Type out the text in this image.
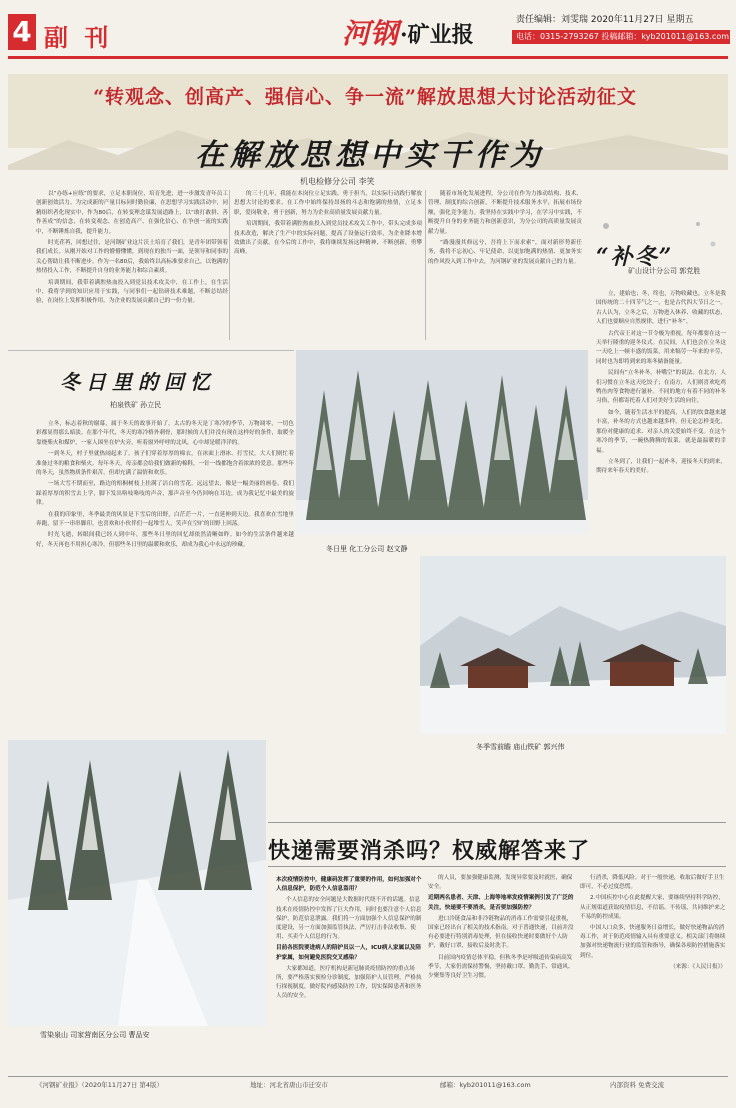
4 副 刊	河钢 ·矿业报
责任编辑：刘雯瑞 2020年11月27日 星期五
电话：0315-2793267 投稿邮箱：kyb201011@163.com
“转观念、创高产、强信心、争一流”解放思想大讨论活动征文
在解放思想中实干作为
机电检修分公司 李笑

以“办练+应练”的要求，立足本职岗位，培育先进，进一步激发青年员工创新创效活力。为完成新的产量目标同时勤俭廉，在思想学习实践活动中，同精组织者化现实中，作为80后，在转变理念谋发展道路上，以“敢打敢拼、善作善成”的信念，在转变观念、在创造高产、在强化信心、在争创一流的实践中，不断锤炼自我，提升能力。

时光荏苒，回想过往，是河钢矿业这片沃土培育了我们，是青年团带领着我们成长。从刚开始对工作的懵懵懂懂，到现在的独当一面，是领导和同事的关心帮助让我不断进步。作为一名80后，我始终以高标准要求自己，以饱满的热情投入工作，不断提升自身的业务能力和综合素质。

培训期间，我带着满腔热血投入到党员技术攻关中，在工作上，在生活中，我将学到的知识应用于实践，与同事们一起钻研技术难题，不断总结经验，在岗位上发挥积极作用，为企业的发展贡献自己的一份力量。

的三十几年，我能在本岗位立足实践、勇于担当，以实际行动践行解放思想大讨论的要求，在工作中始终保持昂扬的斗志和饱满的热情，立足本职，爱岗敬业，勇于创新，努力为企业高质量发展贡献力量。

培训期间，我带着满腔热血投入到党员技术攻关工作中，带头完成多项技术改造，解决了生产中的实际问题，提高了设备运行效率，为企业降本增效做出了贡献。在今后的工作中，我将继续发扬这种精神，不断创新，勇攀高峰。

随着市场化发展进程，分公司在作为力推动结构、技术、管理、制度的综合创新，不断提升技术服务水平，拓展市场份额，强化竞争能力。我坚持在实践中学习，在学习中实践，不断提升自身的业务能力和创新意识，为分公司的高质量发展贡献力量。

“路漫漫其修远兮，吾将上下而求索”，面对新形势新任务，我将不忘初心、牢记使命，以更加饱满的热情、更加务实的作风投入到工作中去，为河钢矿业的发展贡献自己的力量。 “补冬”
矿山设计分公司 郭党胜

立，建始也；冬，终也，万物收藏也。立冬是我国传统的二十四节气之一，也是古代四大节日之一。古人认为，立冬之后，万物进入休养、收藏的状态，人们也要顺应自然规律，进行“补冬”。

古代帝王对这一节令极为重视，每年都要在这一天举行隆重的迎冬仪式。在民间，人们也会在立冬这一天吃上一顿丰盛的饭菜，用来犒劳一年来的辛劳，同时也为即将到来的寒冬储备能量。

民间有“立冬补冬，补嘴空”的说法。在北方，人们习惯在立冬这天吃饺子；在南方，人们则喜欢吃鸡鸭鱼肉等食物进行滋补。不同的地方有着不同的补冬习俗，但都寄托着人们对美好生活的向往。

如今，随着生活水平的提高，人们的饮食越来越丰富，补冬的方式也越来越多样。但无论怎样变化，那份对健康的追求、对亲人的关爱始终不变。在这个寒冷的季节，一碗热腾腾的饭菜，就是最温暖的幸福。

立冬到了，让我们一起补冬，迎接冬天的到来，期待来年春天的美好。

冬日里的回忆
柏泉铁矿 孙立民

立冬，标志着秋的谢幕，属于冬天的故事开始了。太古的冬天是丁寒冷的季节，万物凋零，一切色彩都显得那么暗淡。在那个年代，冬天的寒冷格外刺骨，那时候的人们并没有现在这样好的条件，取暖全靠烧柴火和煤炉，一家人围坐在炉火旁，听着窗外呼呼的北风，心中却是暖洋洋的。

一到冬天，村子里就热闹起来了。孩子们穿着厚厚的棉衣，在冰面上滑冰、打雪仗，大人们则忙着准备过冬的粮食和柴火。每年冬天，母亲都会给我们做新的棉鞋，一针一线都饱含着浓浓的爱意。那些年的冬天，虽然物质条件艰苦，但却充满了温情和欢乐。

一场大雪不期而至，路边的梧桐树枝上挂满了洁白的雪花，远远望去，像是一幅美丽的画卷。我们踩着厚厚的积雪去上学，脚下发出咯吱咯吱的声音，那声音至今仍回响在耳边，成为我记忆中最美的旋律。

在我的印象里，冬季最美的风景是下雪后的田野，白茫茫一片，一直延伸到天边。我喜欢在雪地里奔跑，留下一串串脚印，也喜欢和小伙伴们一起堆雪人，笑声在空旷的田野上回荡。

时光飞逝，转眼间我已经人到中年，那些冬日里的回忆却依然清晰如昨。如今的生活条件越来越好，冬天再也不用担心寒冷，但那些冬日里的温暖和欢乐，却成为我心中永远的珍藏。

冬日里 化工分公司 赵文静
冬季雪前瞻 庙山铁矿 郭兴伟
雪染泉山 司家营南区分公司 曹品安
快递需要消杀吗？权威解答来了
本次疫情防控中，健康码发挥了重要的作用，如何加强对个人信息保护，防范个人信息盗用？

个人信息的安全问题是大数据时代绕不开的话题。信息技术在疫情防控中发挥了巨大作用，同时也要注意个人信息保护，防范信息泄露。我们将一方面加强个人信息保护的制度建设，另一方面加强监管执法，严厉打击非法收集、使用、买卖个人信息的行为。

目前各医院要进病人的陪护员以一人，ICU病人家属以及陪护家属，如何避免医院交叉感染？

大家都知道，医疗机构是新冠肺炎疫情防控的重点场所，要严格落实预检分诊制度，加强陪护人员管理，严格执行探视制度，做好院内感染防控工作，切实保障患者和医务人员的安全。

的人员，要加强健康监测，发现异常要及时就医，确保安全。

近期两名患者、天津、上海等地率发疫情案例引发了广泛的关注，快递要不要消杀，是否要加强防控？

进口冷链食品和非冷链物品的消毒工作需要引起重视，国家已经出台了相关的技术指南。对于普通快递，目前并没有必要进行特别消毒处理，但在接收快递时要做好个人防护，戴好口罩，接收后及时洗手。

目前国内疫情总体平稳，但秋冬季是呼吸道传染病高发季节，大家仍需保持警惕，坚持戴口罩、勤洗手、常通风、少聚集等良好卫生习惯。

行消杀，降低风险。对于一般快递，收取后做好手卫生即可，不必过度恐慌。

2.中国疾控中心在此提醒大家，要继续坚持科学防控，从正规渠道获取疫情信息，不信谣、不传谣，共同维护来之不易的防控成果。

中国人口众多，快递服务日益增长，做好快递物品的消毒工作，对于防范疫情输入具有重要意义。相关部门将继续加强对快递物流行业的监管和指导，确保各项防控措施落实到位。

（来源：《人民日报》）

《河钢矿业报》（2020年11月27日 第4版）	地址：河北省唐山市迁安市	邮箱：kyb201011@163.com	内部资料 免费交流
